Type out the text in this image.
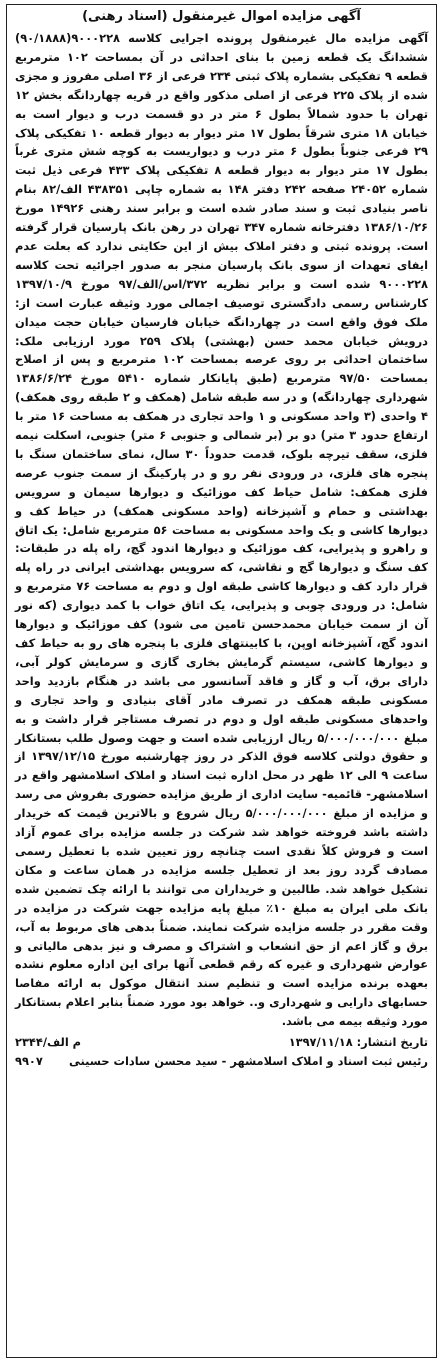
آگهی مزایده اموال غیرمنقول (اسناد رهنی)

آگهی مزایده مال غیرمنقول پرونده اجرایی کلاسه ۹۰۰۰۲۲۸(۹۰/۱۸۸۸) ششدانگ یک قطعه زمین با بنای احداثی در آن بمساحت ۱۰۲ مترمربع قطعه ۹ تفکیکی بشماره پلاک ثبتی ۲۳۴ فرعی از ۳۶ اصلی مفروز و مجزی شده از پلاک ۲۲۵ فرعی از اصلی مذکور واقع در قریه چهاردانگه بخش ۱۲ تهران با حدود شمالاً بطول ۶ متر در دو قسمت درب و دیوار است به خیابان ۱۸ متری شرقاً بطول ۱۷ متر دیوار به دیوار قطعه ۱۰ تفکیکی پلاک ۲۹ فرعی جنوباً بطول ۶ متر درب و دیواریست به کوچه شش متری غرباً بطول ۱۷ متر دیوار به دیوار قطعه ۸ تفکیکی پلاک ۴۳۳ فرعی ذیل ثبت شماره ۲۴۰۵۲ صفحه ۲۴۲ دفتر ۱۴۸ به شماره چاپی ۴۳۸۳۵۱ الف/۸۲ بنام ناصر بنیادی ثبت و سند صادر شده است و برابر سند رهنی ۱۴۹۲۶ مورخ ۱۳۸۶/۱۰/۲۶ دفترخانه شماره ۳۴۷ تهران در رهن بانک پارسیان قرار گرفته است. پرونده ثبتی و دفتر املاک بیش از این حکایتی ندارد که بعلت عدم ایفای تعهدات از سوی بانک پارسیان منجر به صدور اجرائیه تحت کلاسه ۹۰۰۰۲۲۸ شده است و برابر نظریه ۳۷۲/اس/الف/۹۷ مورخ ۱۳۹۷/۱۰/۹ کارشناس رسمی دادگستری توصیف اجمالی مورد وثیقه عبارت است از: ملک فوق واقع است در چهاردانگه خیابان فارسیان خیابان حجت میدان درویش خیابان محمد حسن (بهشتی) پلاک ۲۵۹ مورد ارزیابی ملک: ساختمان احداثی بر روی عرصه بمساحت ۱۰۲ مترمربع و پس از اصلاح بمساحت ۹۷/۵۰ مترمربع (طبق پایانکار شماره ۵۴۱۰ مورخ ۱۳۸۶/۶/۲۴ شهرداری چهاردانگه) و در سه طبقه شامل (همکف و ۲ طبقه روی همکف) ۴ واحدی (۳ واحد مسکونی و ۱ واحد تجاری در همکف به مساحت ۱۶ متر با ارتفاع حدود ۳ متر) دو بر (بر شمالی و جنوبی ۶ متر) جنوبی، اسکلت نیمه فلزی، سقف تیرچه بلوک، قدمت حدوداً ۳۰ سال، نمای ساختمان سنگ با پنجره های فلزی، در ورودی نفر رو و در پارکینگ از سمت جنوب عرصه فلزی همکف: شامل حیاط کف موزائیک و دیوارها سیمان و سرویس بهداشتی و حمام و آشپزخانه (واحد مسکونی همکف) در حیاط کف و دیوارها کاشی و یک واحد مسکونی به مساحت ۵۶ مترمربع شامل: یک اتاق و راهرو و پذیرایی، کف موزائیک و دیوارها اندود گچ، راه پله در طبقات: کف سنگ و دیوارها گچ و نقاشی، که سرویس بهداشتی ایرانی در راه پله قرار دارد کف و دیوارها کاشی طبقه اول و دوم به مساحت ۷۶ مترمربع و شامل: در ورودی چوبی و پذیرایی، یک اتاق خواب با کمد دیواری (که نور آن از سمت خیابان محمدحسن تامین می شود) کف موزائیک و دیوارها اندود گچ، آشپزخانه اوپن، با کابینتهای فلزی با پنجره های رو به حیاط کف و دیوارها کاشی، سیستم گرمایش بخاری گازی و سرمایش کولر آبی، دارای برق، آب و گاز و فاقد آسانسور می باشد در هنگام بازدید واحد مسکونی طبقه همکف در تصرف مادر آقای بنیادی و واحد تجاری و واحدهای مسکونی طبقه اول و دوم در تصرف مستاجر قرار داشت و به مبلغ ۵/۰۰۰/۰۰۰/۰۰۰ ریال ارزیابی شده است و جهت وصول طلب بستانکار و حقوق دولتی کلاسه فوق الذکر در روز چهارشنبه مورخ ۱۳۹۷/۱۲/۱۵ از ساعت ۹ الی ۱۲ ظهر در محل اداره ثبت اسناد و املاک اسلامشهر واقع در اسلامشهر- قائمیه- سایت اداری از طریق مزایده حضوری بفروش می رسد و مزایده از مبلغ ۵/۰۰۰/۰۰۰/۰۰۰ ریال شروع و بالاترین قیمت که خریدار داشته باشد فروخته خواهد شد شرکت در جلسه مزایده برای عموم آزاد است و فروش کلاً نقدی است چنانچه روز تعیین شده با تعطیل رسمی مصادف گردد روز بعد از تعطیل جلسه مزایده در همان ساعت و مکان تشکیل خواهد شد. طالبین و خریداران می توانند با ارائه چک تضمین شده بانک ملی ایران به مبلغ ۱۰٪ مبلغ پایه مزایده جهت شرکت در مزایده در وقت مقرر در جلسه مزایده شرکت نمایند. ضمناً بدهی های مربوط به آب، برق و گاز اعم از حق انشعاب و اشتراک و مصرف و نیز بدهی مالیاتی و عوارض شهرداری و غیره که رقم قطعی آنها برای این اداره معلوم نشده بعهده برنده مزایده است و تنظیم سند انتقال موکول به ارائه مفاصا حسابهای دارایی و شهرداری و.. خواهد بود مورد ضمناً بنابر اعلام بستانکار مورد وثیقه بیمه می باشد.

تاریخ انتشار: ۱۳۹۷/۱۱/۱۸
م الف/۲۳۴۴
رئیس ثبت اسناد و املاک اسلامشهر - سید محسن سادات حسینی
۹۹۰۷
